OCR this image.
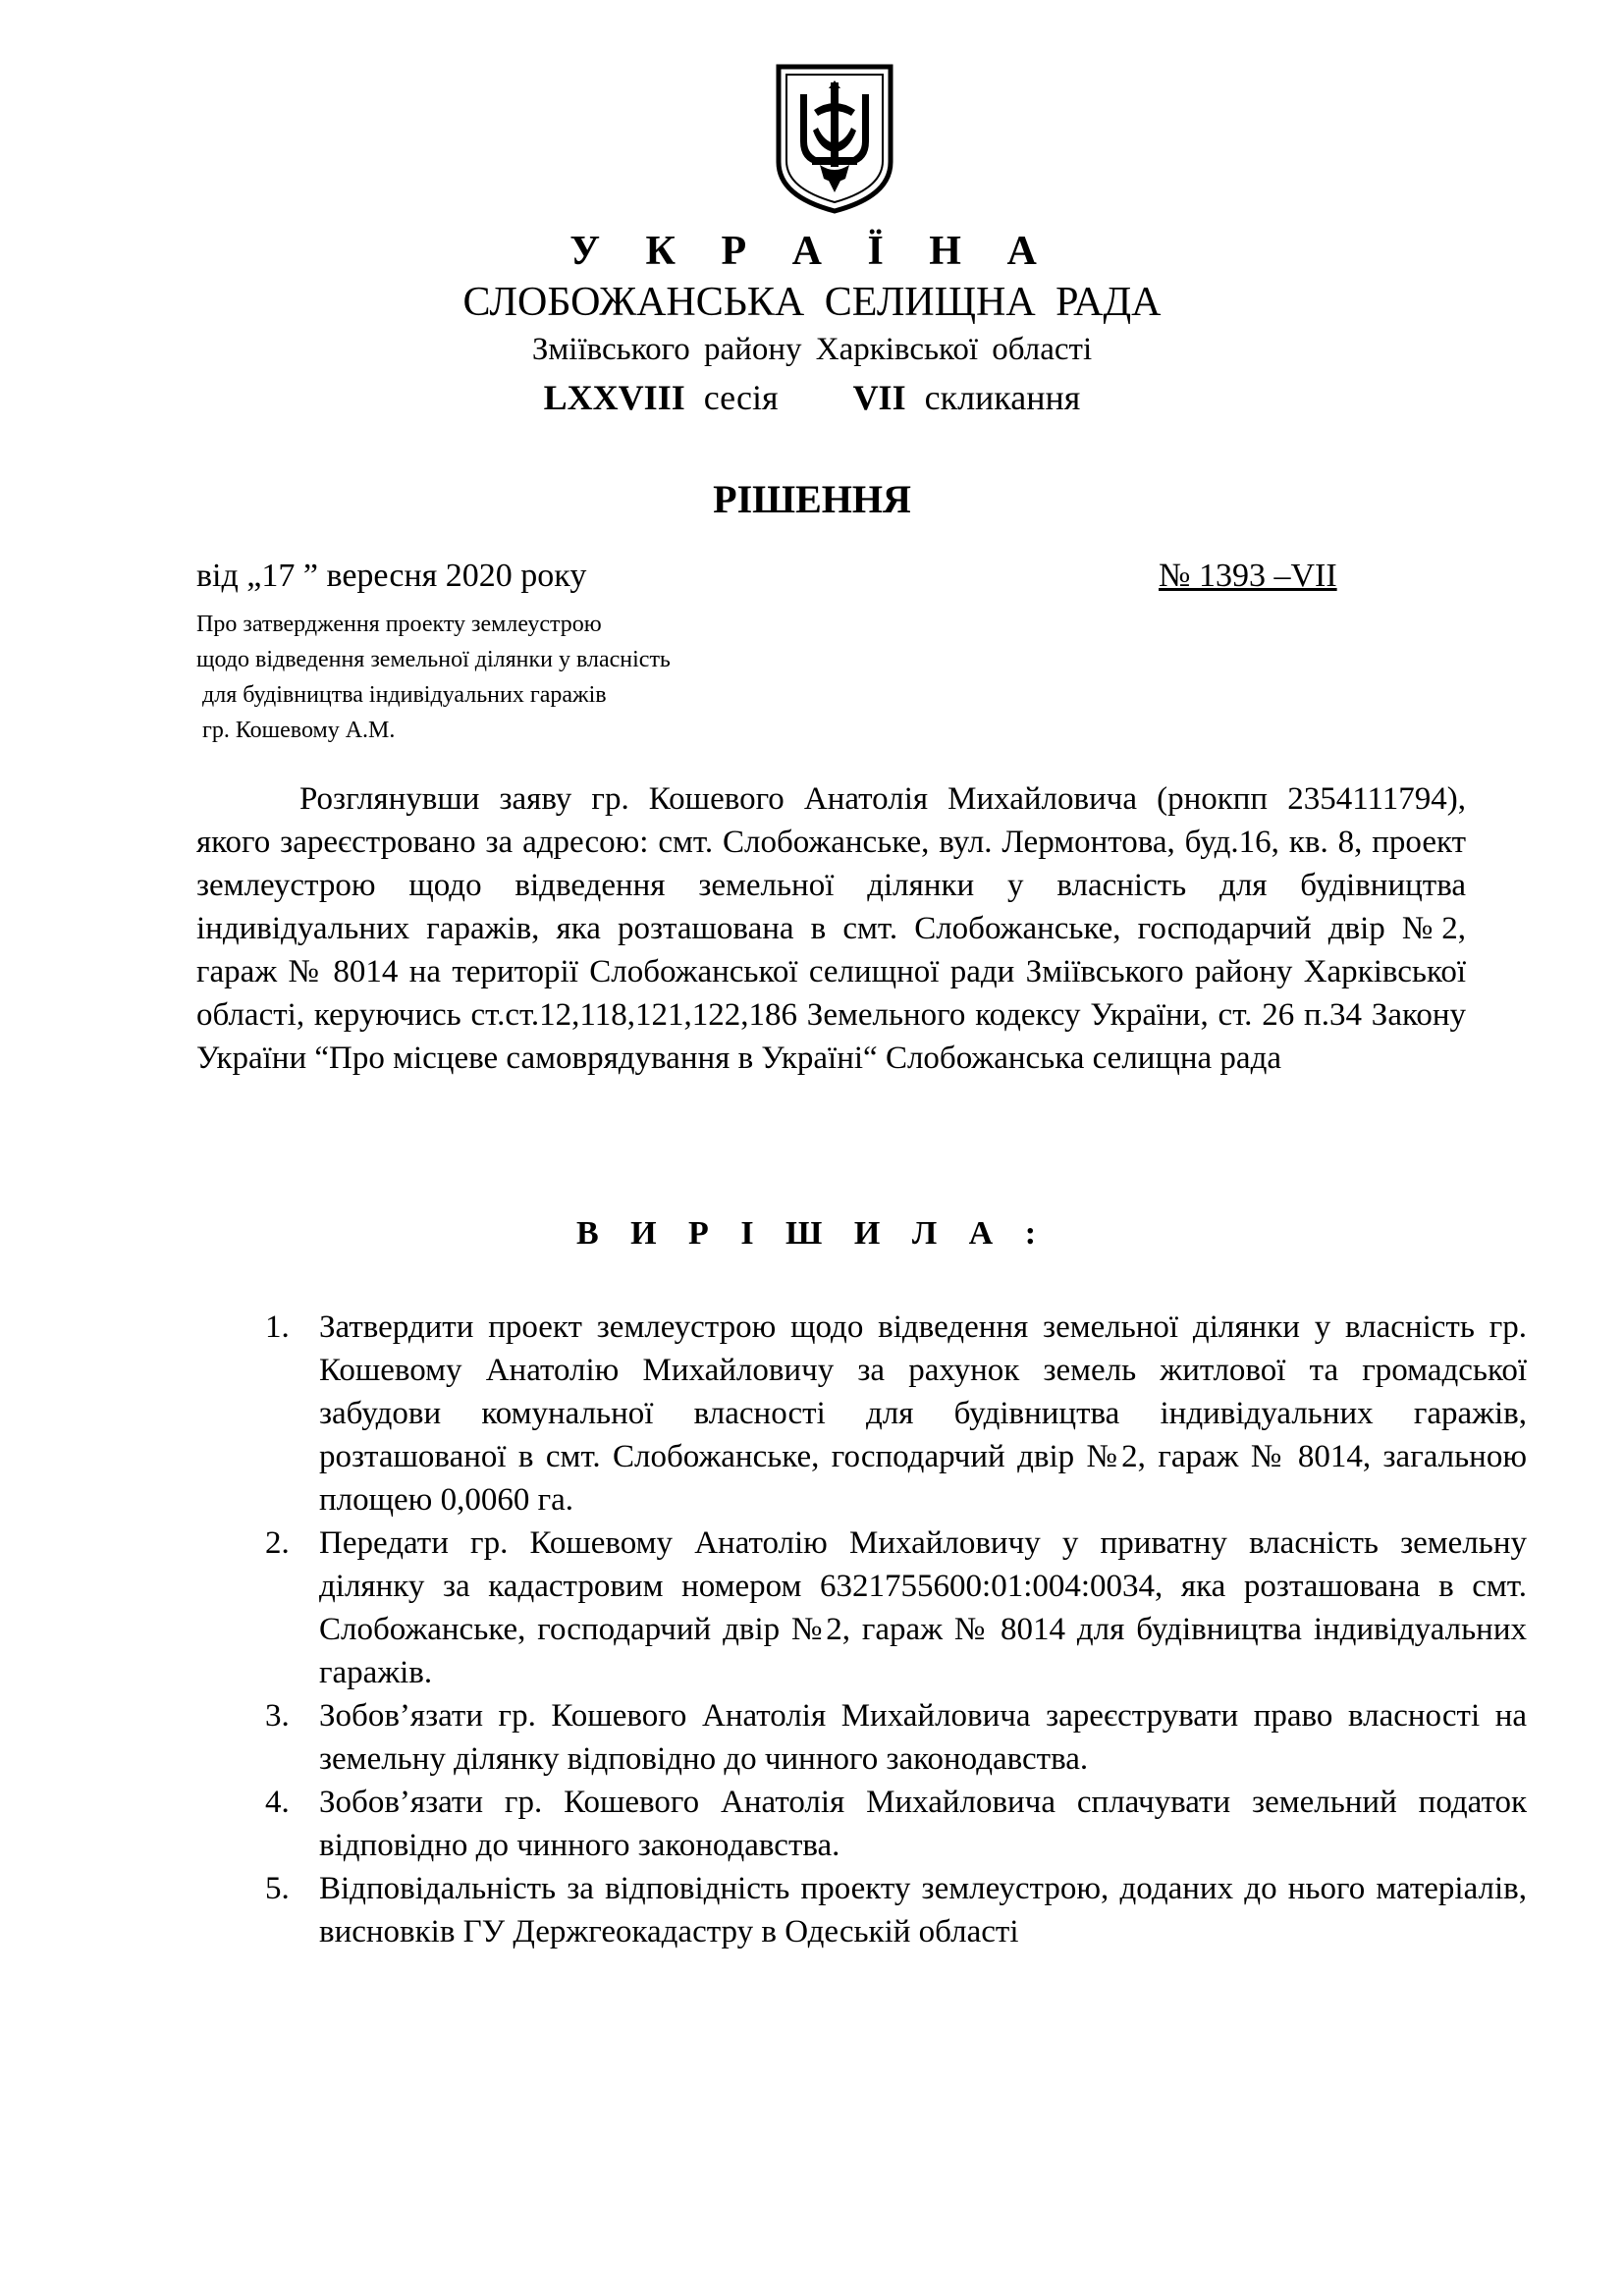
У К Р А Ї Н А
СЛОБОЖАНСЬКА СЕЛИЩНА РАДА
Зміївського району Харківської області
LXXVIII сесія VII скликання
РІШЕННЯ
від „17 ” вересня 2020 року	№ 1393 –VII
Про затвердження проекту землеустрою
щодо відведення земельної ділянки у власність
для будівництва індивідуальних гаражів
гр. Кошевому А.М.
Розглянувши заяву гр. Кошевого Анатолія Михайловича (рнокпп 2354111794), якого зареєстровано за адресою: смт. Слобожанське, вул. Лермонтова, буд.16, кв. 8, проект землеустрою щодо відведення земельної ділянки у власність для будівництва індивідуальних гаражів, яка розташована в смт. Слобожанське, господарчий двір №2, гараж № 8014 на території Слобожанської селищної ради Зміївського району Харківської області, керуючись ст.ст.12,118,121,122,186 Земельного кодексу України, ст. 26 п.34 Закону України “Про місцеве самоврядування в Україні“ Слобожанська селищна рада
В И Р І Ш И Л А :
1. Затвердити проект землеустрою щодо відведення земельної ділянки у власність гр. Кошевому Анатолію Михайловичу за рахунок земель житлової та громадської забудови комунальної власності для будівництва індивідуальних гаражів, розташованої в смт. Слобожанське, господарчий двір №2, гараж № 8014, загальною площею 0,0060 га.
2. Передати гр. Кошевому Анатолію Михайловичу у приватну власність земельну ділянку за кадастровим номером 6321755600:01:004:0034, яка розташована в смт. Слобожанське, господарчий двір №2, гараж № 8014 для будівництва індивідуальних гаражів.
3. Зобов’язати гр. Кошевого Анатолія Михайловича зареєструвати право власності на земельну ділянку відповідно до чинного законодавства.
4. Зобов’язати гр. Кошевого Анатолія Михайловича сплачувати земельний податок відповідно до чинного законодавства.
5. Відповідальність за відповідність проекту землеустрою, доданих до нього матеріалів, висновків ГУ Держгеокадастру в Одеській області
